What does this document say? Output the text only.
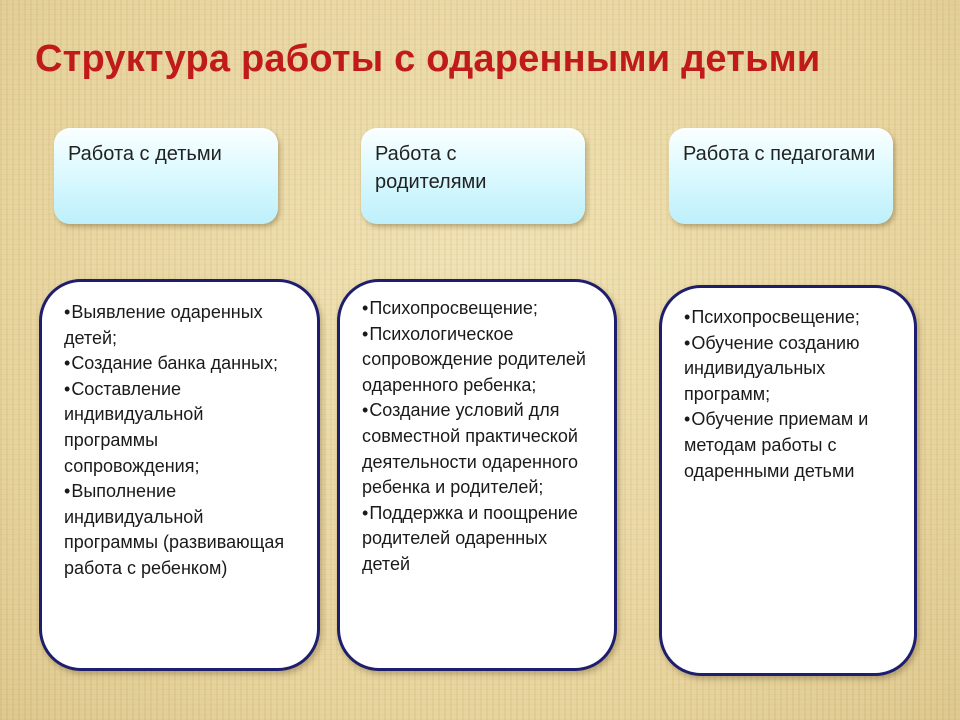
Структура работы с одаренными детьми
Работа с детьми	Работа с родителями
Работа с педагогами
• Выявление одаренных детей;
• Создание банка данных;
• Составление индивидуальной программы сопровождения;
• Выполнение индивидуальной программы (развивающая работа с ребенком)
• Психопросвещение;
• Психологическое сопровождение родителей одаренного ребенка;
• Создание условий для совместной практической деятельности одаренного ребенка и родителей;
• Поддержка и поощрение родителей одаренных детей
• Психопросвещение;
• Обучение созданию индивидуальных программ;
• Обучение приемам и методам работы с одаренными детьми
